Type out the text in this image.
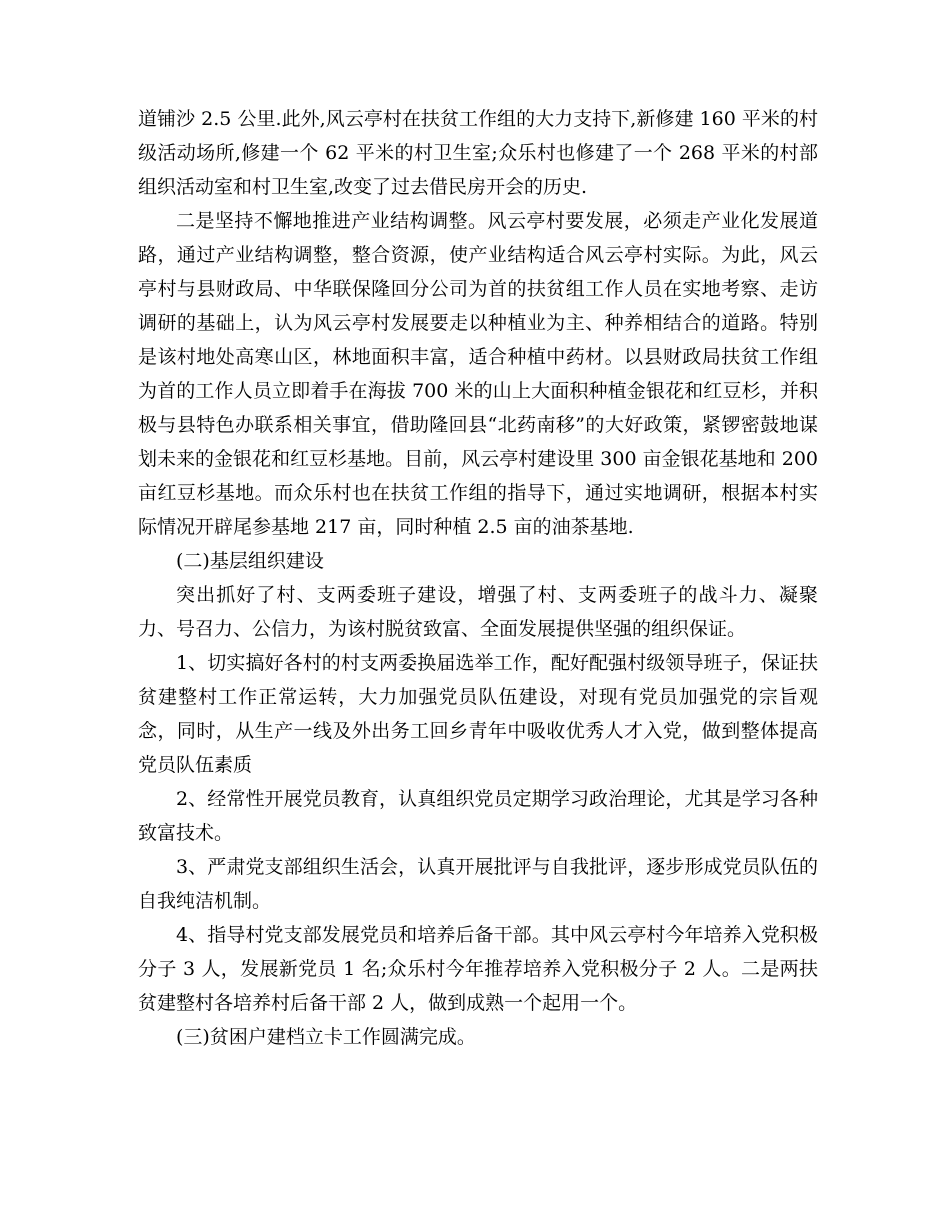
道铺沙 2.5 公里.此外,风云亭村在扶贫工作组的大力支持下,新修建 160 平米的村级活动场所,修建一个 62 平米的村卫生室;众乐村也修建了一个 268 平米的村部组织活动室和村卫生室,改变了过去借民房开会的历史.

二是坚持不懈地推进产业结构调整。风云亭村要发展，必须走产业化发展道路，通过产业结构调整，整合资源，使产业结构适合风云亭村实际。为此，风云亭村与县财政局、中华联保隆回分公司为首的扶贫组工作人员在实地考察、走访调研的基础上，认为风云亭村发展要走以种植业为主、种养相结合的道路。特别是该村地处高寒山区，林地面积丰富，适合种植中药材。以县财政局扶贫工作组为首的工作人员立即着手在海拔 700 米的山上大面积种植金银花和红豆杉，并积极与县特色办联系相关事宜，借助隆回县“北药南移”的大好政策，紧锣密鼓地谋划未来的金银花和红豆杉基地。目前，风云亭村建设里 300 亩金银花基地和 200 亩红豆杉基地。而众乐村也在扶贫工作组的指导下，通过实地调研，根据本村实际情况开辟尾参基地 217 亩，同时种植 2.5 亩的油茶基地.

(二)基层组织建设

突出抓好了村、支两委班子建设，增强了村、支两委班子的战斗力、凝聚力、号召力、公信力，为该村脱贫致富、全面发展提供坚强的组织保证。

1、切实搞好各村的村支两委换届选举工作，配好配强村级领导班子，保证扶贫建整村工作正常运转，大力加强党员队伍建设，对现有党员加强党的宗旨观念，同时，从生产一线及外出务工回乡青年中吸收优秀人才入党，做到整体提高党员队伍素质

2、经常性开展党员教育，认真组织党员定期学习政治理论，尤其是学习各种致富技术。

3、严肃党支部组织生活会，认真开展批评与自我批评，逐步形成党员队伍的自我纯洁机制。

4、指导村党支部发展党员和培养后备干部。其中风云亭村今年培养入党积极分子 3 人，发展新党员 1 名;众乐村今年推荐培养入党积极分子 2 人。二是两扶贫建整村各培养村后备干部 2 人，做到成熟一个起用一个。

(三)贫困户建档立卡工作圆满完成。
